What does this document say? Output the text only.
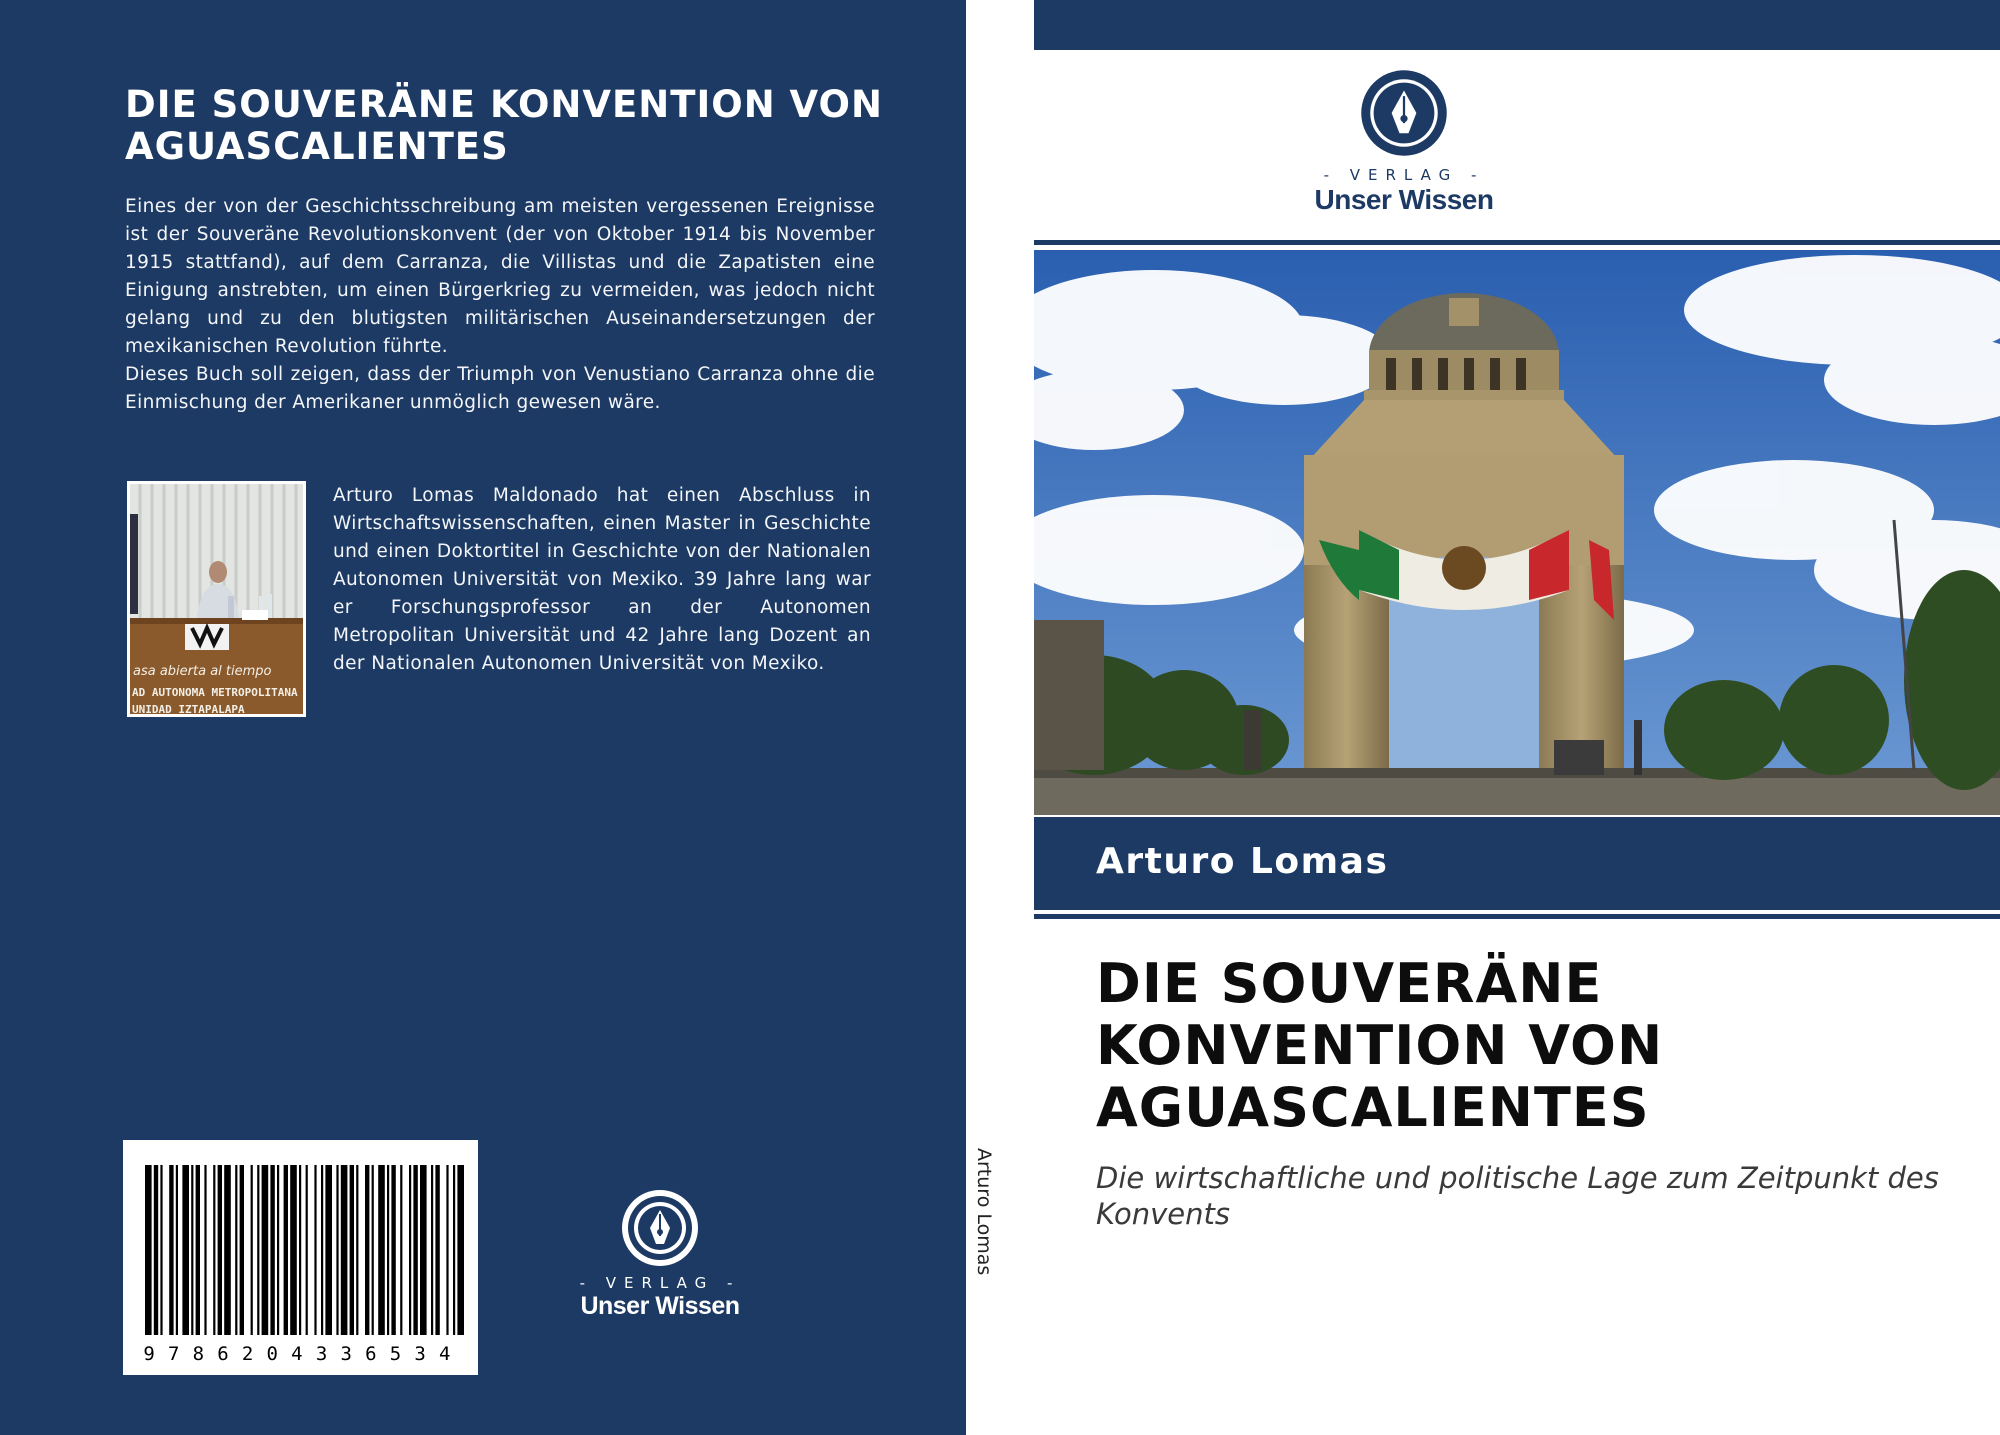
DIE SOUVERÄNE KONVENTION VON AGUASCALIENTES

Eines der von der Geschichtsschreibung am meisten vergessenen Ereignisse ist der Souveräne Revolutionskonvent (der von Oktober 1914 bis November 1915 stattfand), auf dem Carranza, die Villistas und die Zapatisten eine Einigung anstrebten, um einen Bürgerkrieg zu vermeiden, was jedoch nicht gelang und zu den blutigsten militärischen Auseinandersetzungen der mexikanischen Revolution führte.

Dieses Buch soll zeigen, dass der Triumph von Venustiano Carranza ohne die Einmischung der Amerikaner unmöglich gewesen wäre.

asa abierta al tiempo
AD AUTONOMA METROPOLITANA
UNIDAD IZTAPALAPA

Arturo Lomas Maldonado hat einen Abschluss in Wirtschaftswissenschaften, einen Master in Geschichte und einen Doktortitel in Geschichte von der Nationalen Autonomen Universität von Mexiko. 39 Jahre lang war er Forschungsprofessor an der Autonomen Metropolitan Universität und 42 Jahre lang Dozent an der Nationalen Autonomen Universität von Mexiko.

9786204336534

- VERLAG -

Unser Wissen

Arturo Lomas

- VERLAG -

Unser Wissen

Arturo Lomas

DIE SOUVERÄNE KONVENTION VON AGUASCALIENTES

Die wirtschaftliche und politische Lage zum Zeitpunkt des Konvents
